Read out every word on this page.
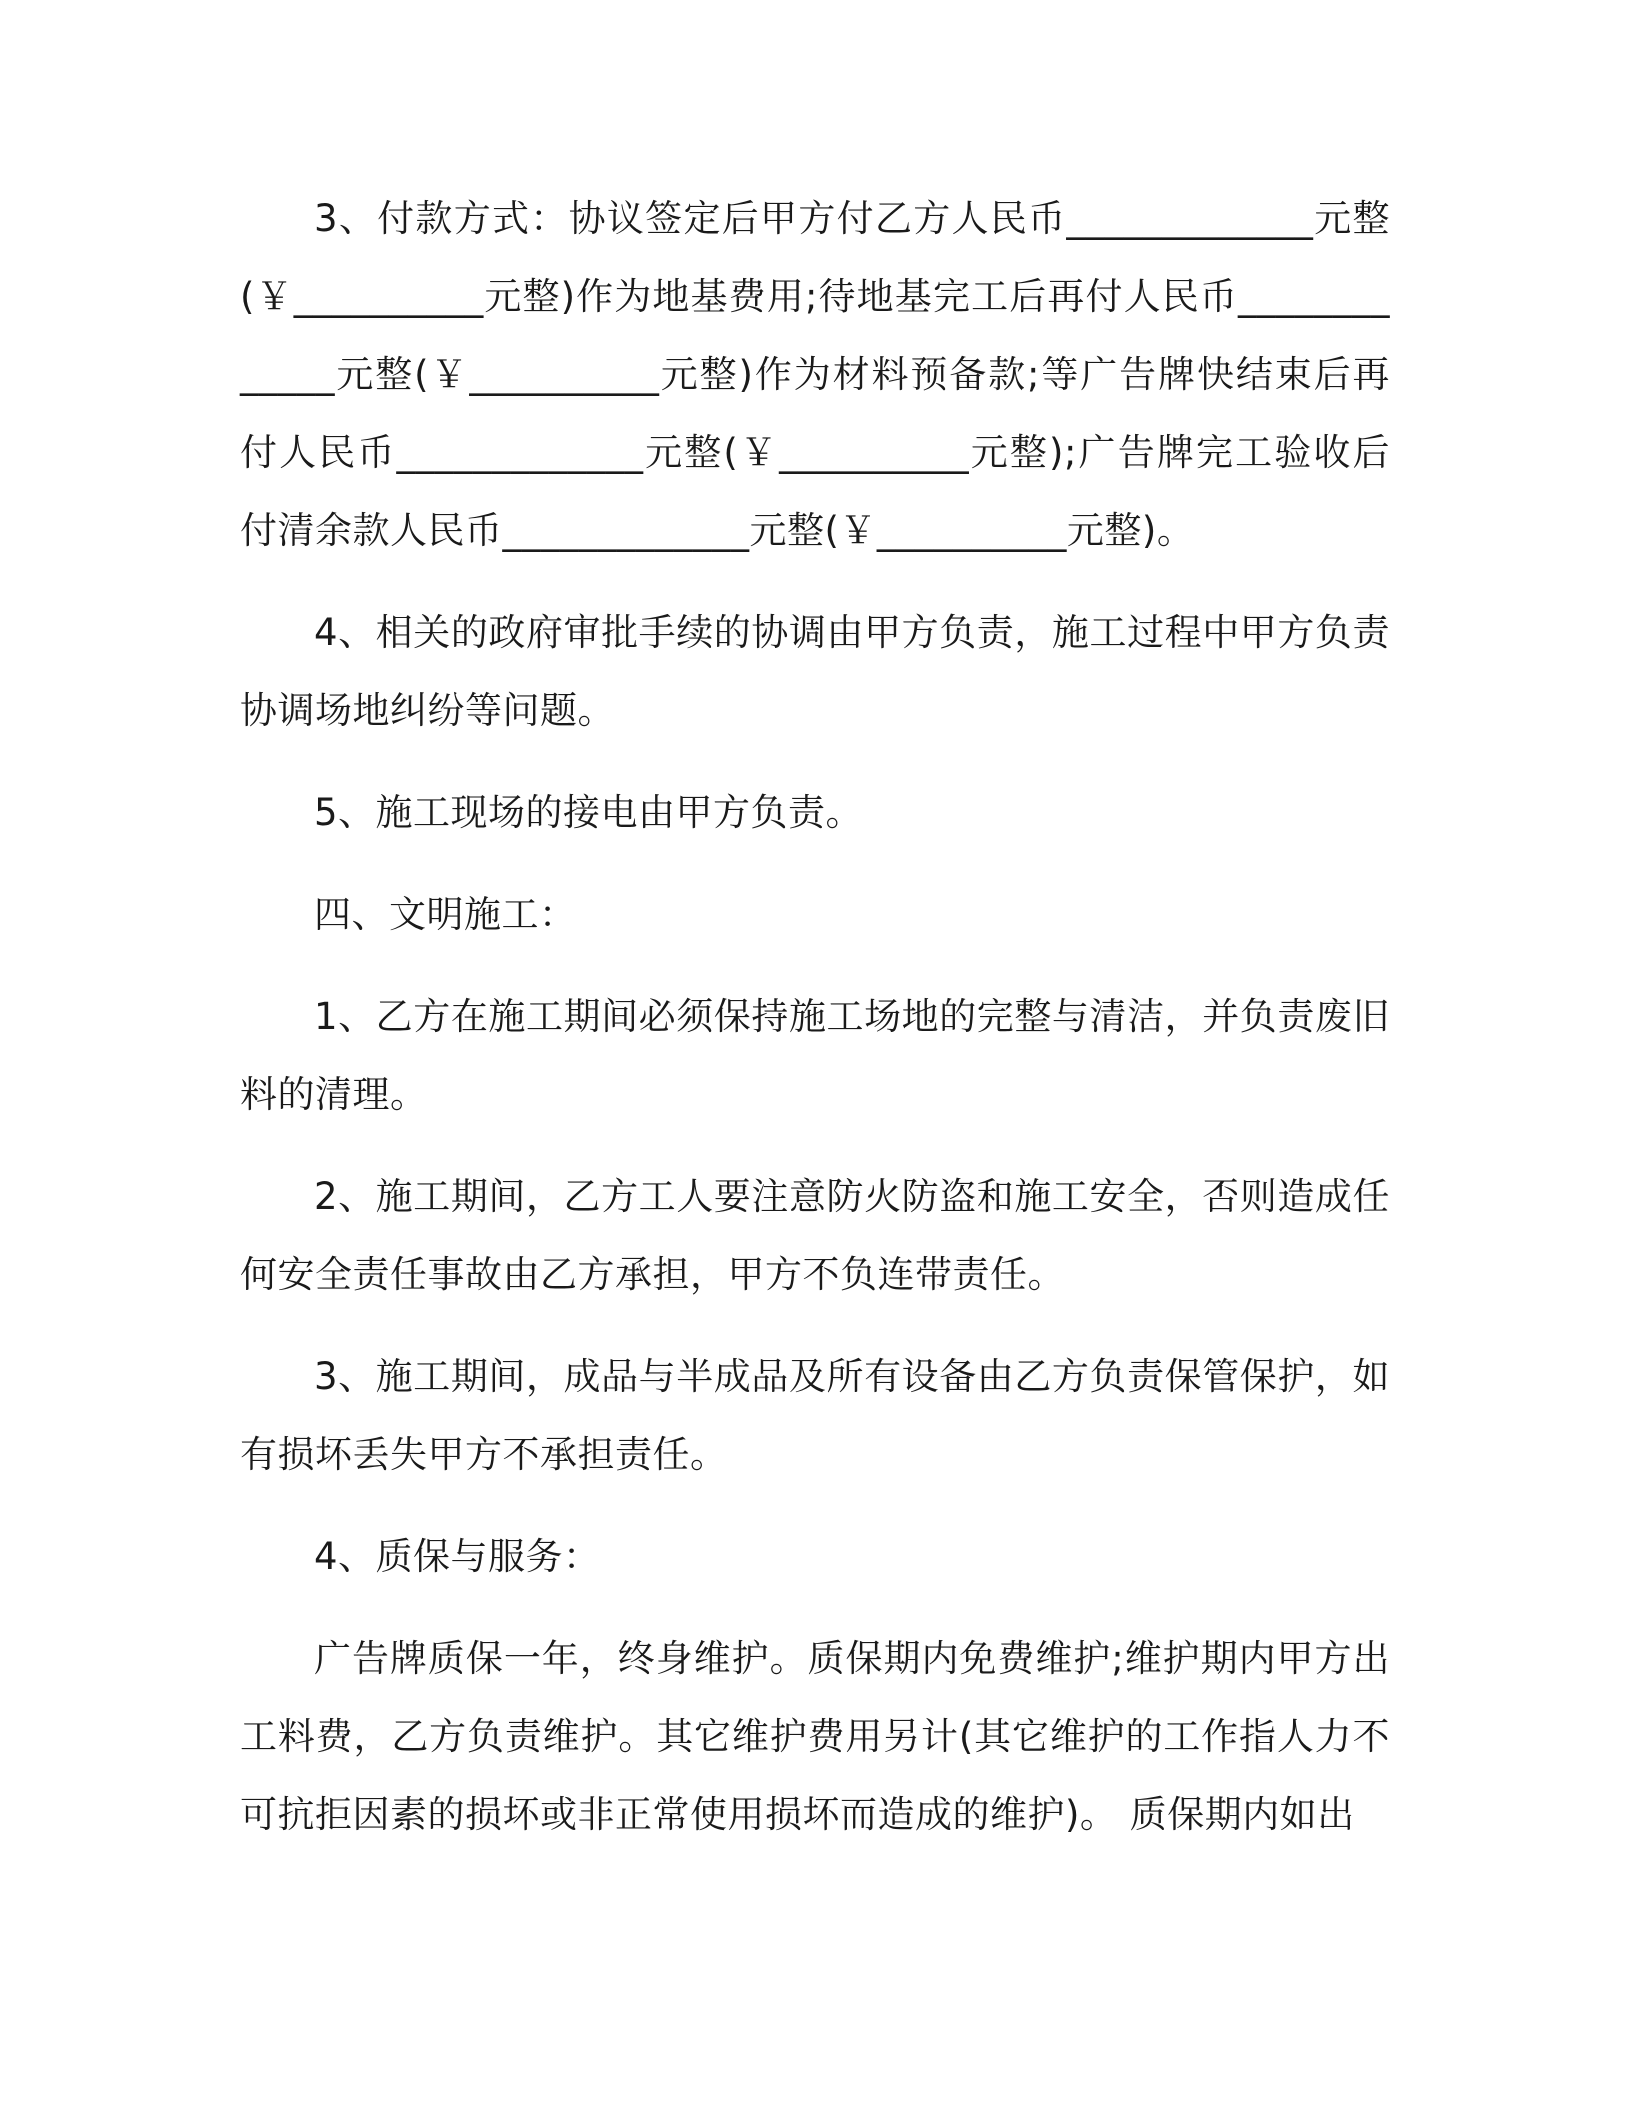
3、付款方式：协议签定后甲方付乙方人民币_____________元整(￥__________元整)作为地基费用;待地基完工后再付人民币_____________元整(￥__________元整)作为材料预备款;等广告牌快结束后再付人民币_____________元整(￥__________元整);广告牌完工验收后付清余款人民币_____________元整(￥__________元整)。

4、相关的政府审批手续的协调由甲方负责，施工过程中甲方负责协调场地纠纷等问题。

5、施工现场的接电由甲方负责。

四、文明施工：

1、乙方在施工期间必须保持施工场地的完整与清洁，并负责废旧料的清理。

2、施工期间，乙方工人要注意防火防盗和施工安全，否则造成任何安全责任事故由乙方承担，甲方不负连带责任。

3、施工期间，成品与半成品及所有设备由乙方负责保管保护，如有损坏丢失甲方不承担责任。

4、质保与服务：

广告牌质保一年，终身维护。质保期内免费维护;维护期内甲方出工料费，乙方负责维护。其它维护费用另计(其它维护的工作指人力不可抗拒因素的损坏或非正常使用损坏而造成的维护)。 质保期内如出
